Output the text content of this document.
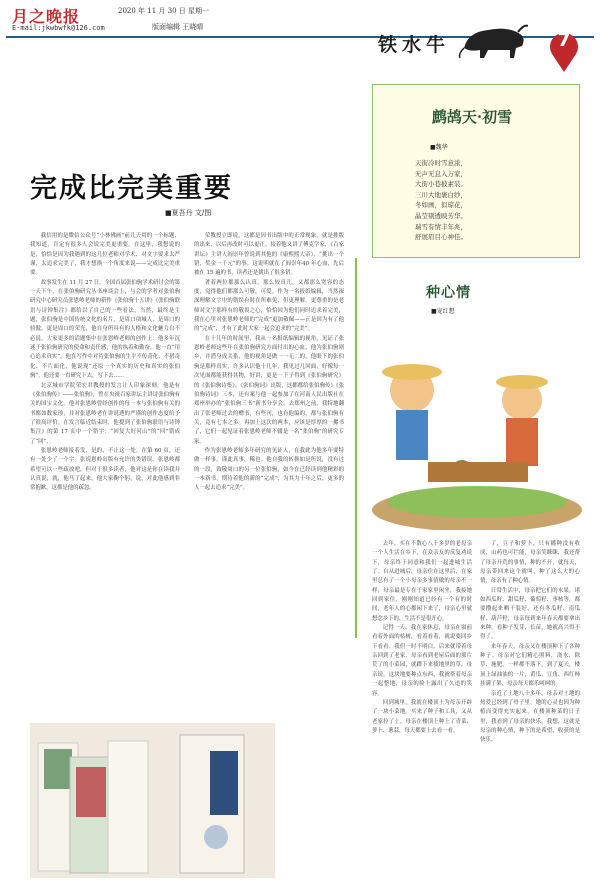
月之晚报
E-mail:jkwbwfk@126.com
2020 年 11 月 30 日 星期一
版面编辑 王晓晴
铁水牛	7
完成比完美重要
■夏吾丹 文/图

我信用的是微信公众号“小林佛画”前几天用的一个标题，我知道，肯定有很多人会说完美更重要。在这里，我想说的是，恰恰是因为我遇到的这几位老师对学术、对文字要求太严谨，太追求完美了，我才想换一个角度来说——完成比完美重要。

故事发生在 11 月 27 日，全国首届张伯驹学术研讨会的第一天下午，在张伯驹研究丛书座谈会上，与会的学者对张伯驹研究中心研究员张恩岭老师的新作《张伯驹十五讲》《张伯驹联语与诗钟集注》都给以了自己的一些看法，当然，最终是主题，张伯驹是中国传统文化的名片，是周口项城人，是周口的骄傲，更是周口的荣光，他自身所具有的人格和文化魅力自不必说。大家更多的话题集中在张恩岭老师的创作上：他多年沉迷于张伯驹研究的使命和责任感，他的执着和勤奋，他一直“用心追求真实”。他在写作中对待张伯驹的生平不传奇化、不猎奇化、不片面化，他说现“还原一个真实的历史和真实的张伯驹”。他还要一直研究下去，写下去……

北京城市学院荣宏君教授的发言让人印象深刻。他是有《张伯驹传》——张伯驹》，曾在央视百家讲坛主讲诗张伯驹有关的国宝文化。他对张恩岭曾经创作的每一本与张伯驹有关的书都如数家珍，并对张恩岭老在讲说透的严谨的创作态度给予了很高评价。在发言临近结束时，他提到了张伯驹联语与诗钟集注》的第 17 页中一个错字：“回复大好河山”的“回”错成了“回”。

张恩岭老师接着发，是的，不止这一处。在第 60 页，还有一处少了一个字。张说恩岭出版有允许的类错误。张恩岭都希望可以一些疏放吧，但对于很多读者，他对这是你在读我并认真说，就，他马了起来，他大家鞠个躬，说，对此他感到非常抱歉，这都是他的疏忽。

荣教授立即说，这都是因书出版中的正常现象，就是排版的出来，以后再改时可以更正。接着他又讲了傅克学家，《百家讲坛》主讲人阎崇年曾说到其他的《康熙熙大帝》，“挑出一个错，奖金一千元”的事。这说明就在了阎崇年40 年心血，先后被在 15 遍的书，读者还是挑出了很多错。

著着两位都那么认真，那么较真儿，又都那么宽容的态度，觉得他们都那么可敬，可爱。作为一名报纸编辑，当然深深理解文字中的错误有时在所难免，但更理解，更尊重的是老师对文字那样有的敬畏之心，恰恰因为他们同时追求着完美，我在心里对张恩岭老师的“完成”更加敬佩——正是因为有了他的“完成”，才有了此时大家一起会追求的“完美”。

在十几年的时间里，我从一名报纸编辑的视角，见证了张恩岭老师这些年在张伯驹研究方面付出的心血，他为张伯驹则乡，并潜身成关系，他的视角是做一一无二的，他眼下的张伯驹是那样真实，许多认识他十几年，我见过几回面，好像每一次见面都能获得其物，好讲，更是一下子得到《张伯驹研究》的《张伯驹诗集》、《张伯驹词》出版，这都都给张伯驹传》《张伯驹诗词》三本，还有案与他一起参加了在河南人民出版社在郑州举办的“张伯驹三书”新书分享会，去郑州之前，我特地翻出了张老师过去的赠书，有些刊，也有他编的，都与张伯驹有关，竟有七本之多。再加上这次的两本，应该是厚厚的一摞书了，它们一起见证着张恩岭老师不辍是一名“张伯驹”的研究专家。

作为张恩岭老师多年研究的见证人，在我此为他多年要特做一样事。谨此真事，稀也。他自我的转换如是所说，没有过的一段，致敬周口的另一位张伯驹，如今在已经读到他精彩的一本新书，期待着他的新的“完成”，为其力十年之后，更多的人一起去追求“完美”。

鹧鸪天·初雪
■魏华
天街冷时雪意浓，
无声无息入万家，
大街小巷披素装。
三川大地裹白纱，
冬如画，似琼花，
晶莹剔透映芳华。
瑞雪有情丰年兆，
舒展眉目心神佳。
种心情
■宠红想

去年，买在不散心八十多岁的老母亲一个人生活在乡下，在众亲友的反复劝说下，母亲终于同意和我们一起进城生活了。自从进城后，母亲住在这里后，在家里总有了一个小母亲多事情做的母亲不一样，母亲最是专在干家家里闲坐，我接她回到家住，刚刚知道已经有一个有的时间，老年人的心都闲下来了，母亲心里就想念乡下的，生活不是很开心。

记得一天，我在家休息，母亲在窗前看着外面的枯树，看着看着，就说要回乡下看看。我们一时不明白，后来就带着母亲回到了老家，母亲看到老屋后面的那片荒了的小菜园，就蹲下来拔地里的草，母亲说，这块地要种点东西，我就帮着母亲一起整地，母亲的脸上露出了久违的笑容。

回到城里，我就在楼顶上为母亲开辟了一块小菜地。买来了种子和工具，又从老家拉了土，母亲在楼顶上种上了青菜、萝卜、葱蒜，每天都要上去看一看。

了，豆子和萝卜，只有播种没有收成，山药也可拦能，母亲笑眯眯，我还帮了母亲开荒的事情，种的不开，就每天，母亲带回来这个就叫，种了这么大的心情，母亲有了种心情。

日常生活中，母亲把它们的水果，诸如西瓜籽、甜瓜籽、葡萄籽、枣核等，都要攒起来晒干装好，还有冬瓜籽、南瓜籽、葫芦籽，母亲每到来年春天都要拿出来种，看种子发芽，长苗，她就高兴得不得了。

来年春天，母亲又在楼顶种下了各种种子。母亲对它们精心照料，浇水、除草、施肥，一样都不落下。到了夏天，楼顶上绿油油的一片，黄瓜、豆角、西红柿挂满了架，母亲每天都乐呵呵的。

亲近了土地八十多年，母亲对土地的热爱已经到了骨子里，她的心灵也因为种植而变得充实起来，在楼顶种菜的日子里，我看到了母亲的快乐。我想，这就是母亲的种心情，种下的是希望，收获的是快乐。
